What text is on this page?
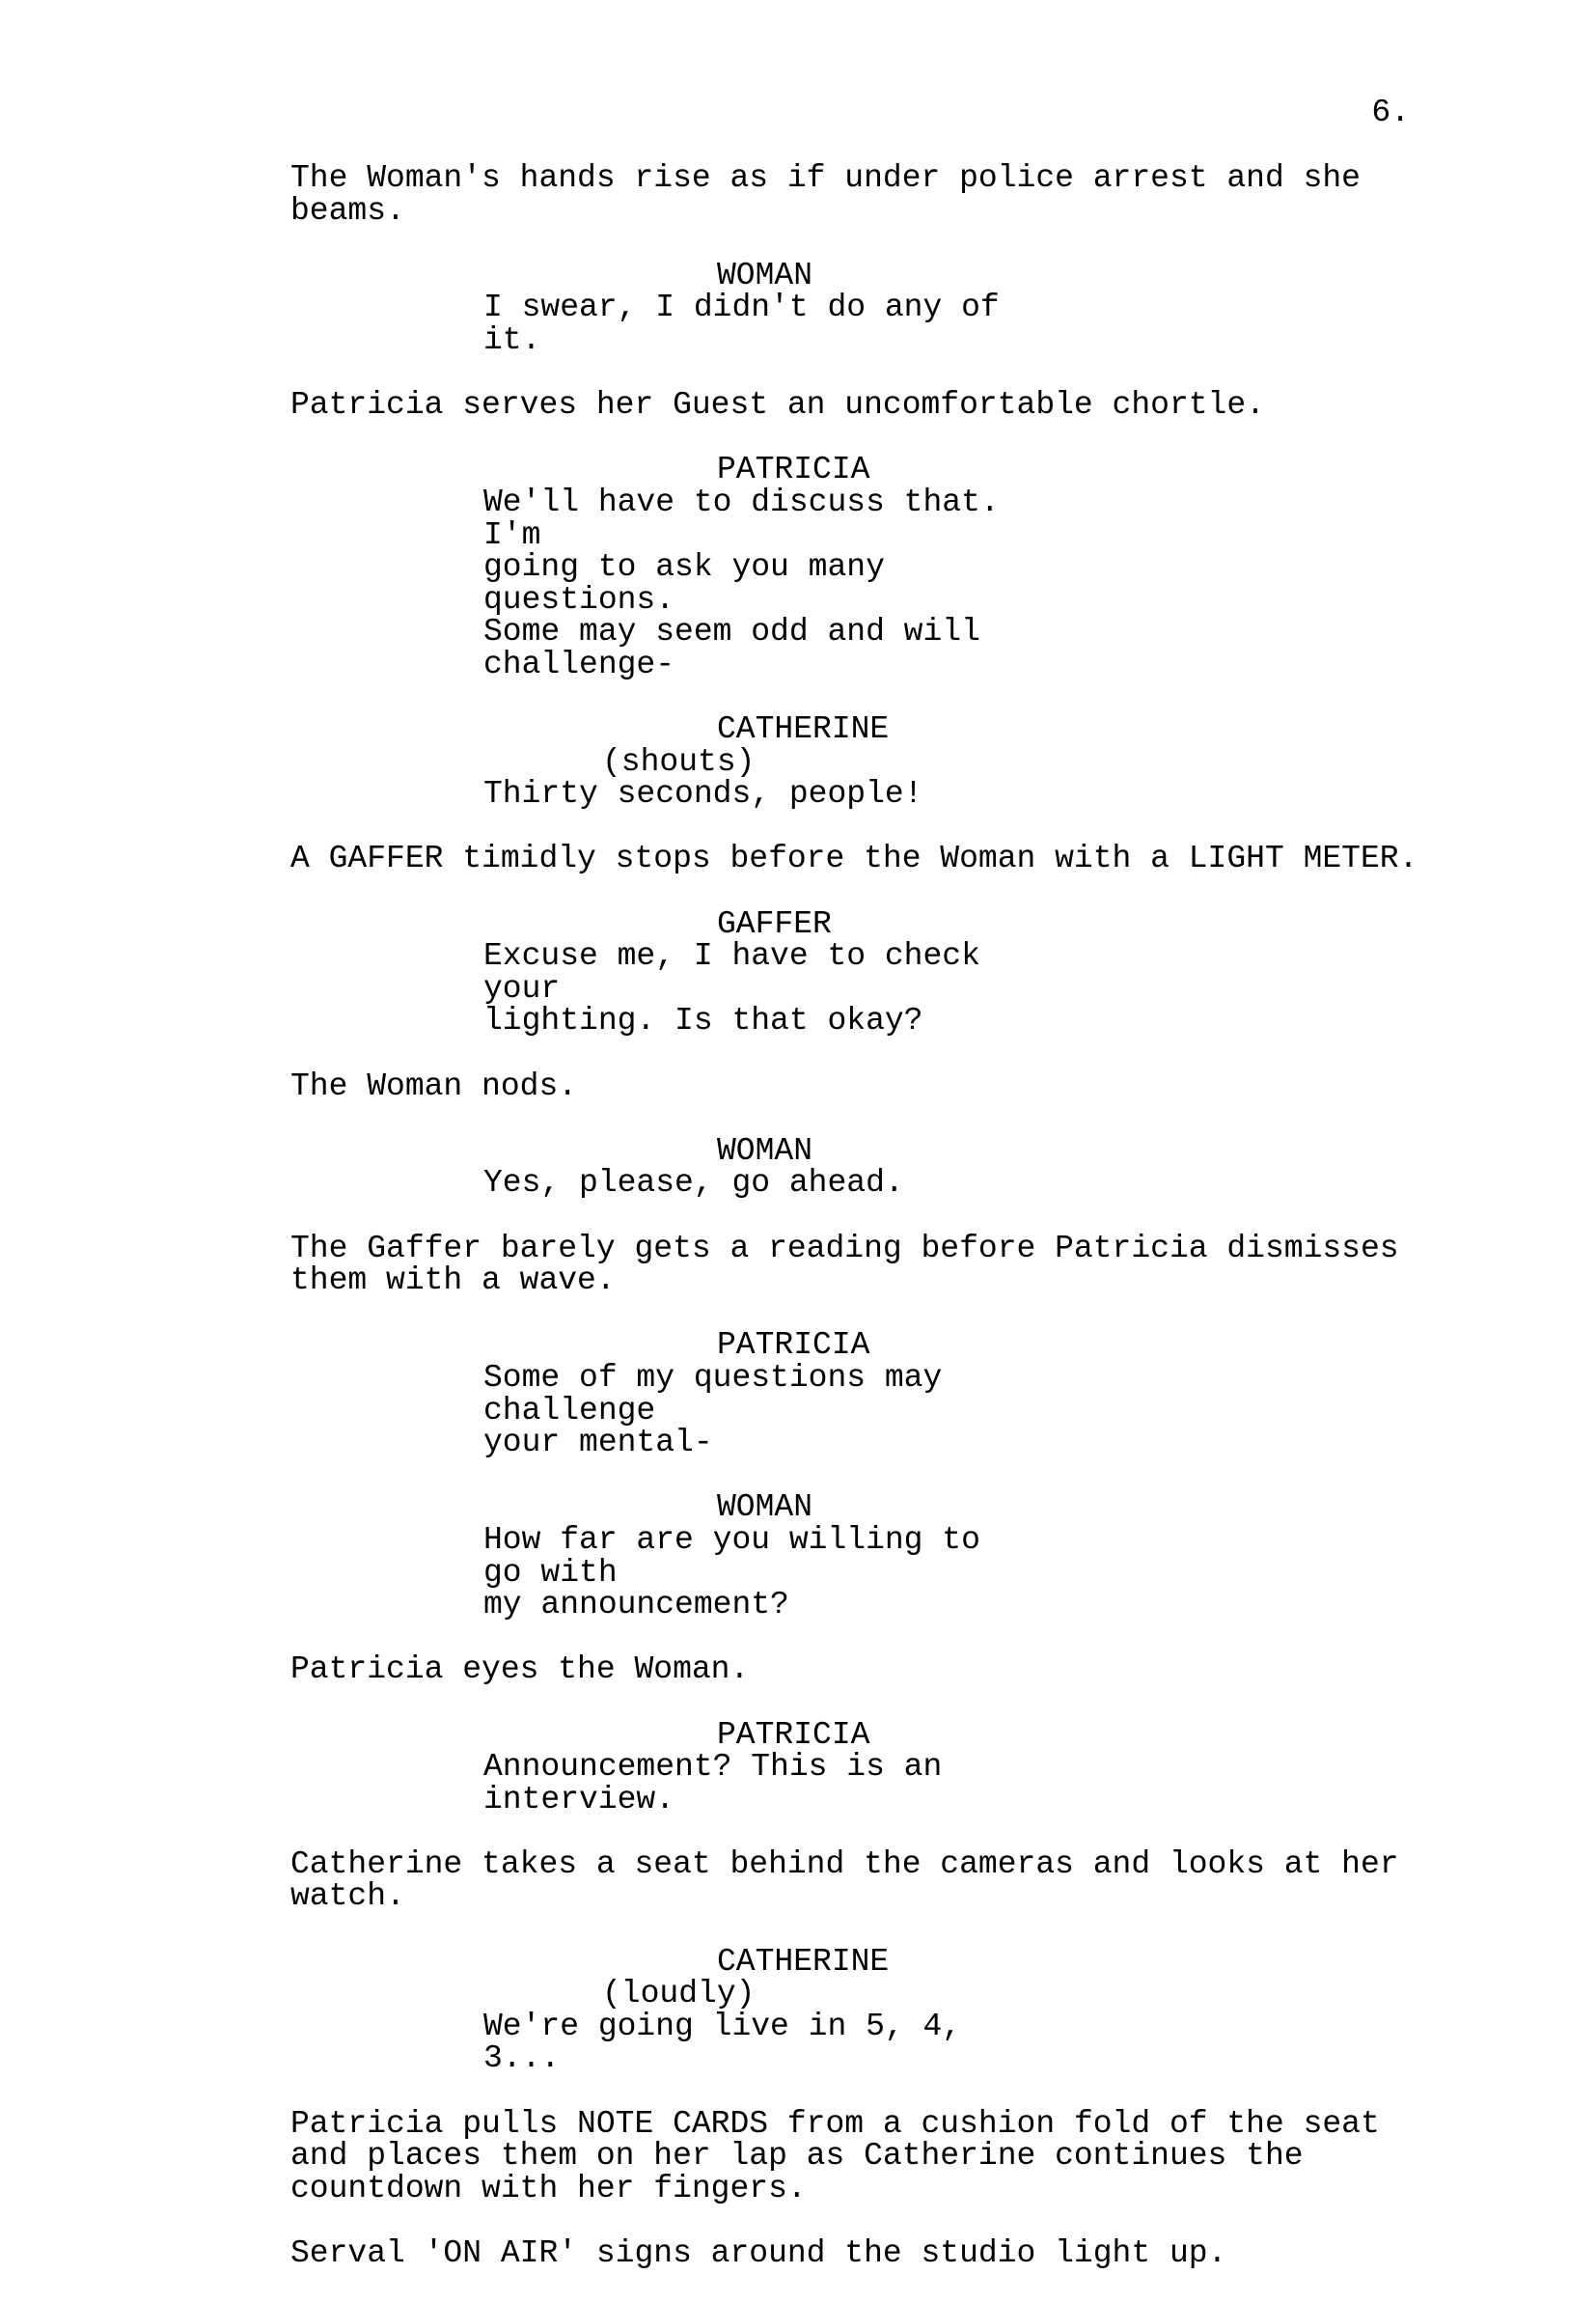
6.
The Woman's hands rise as if under police arrest and she
beams.
WOMAN
I swear, I didn't do any of it.
Patricia serves her Guest an uncomfortable chortle.
PATRICIA
We'll have to discuss that. I'm
going to ask you many questions.
Some may seem odd and will
challenge-
CATHERINE
(shouts)
Thirty seconds, people!
A GAFFER timidly stops before the Woman with a LIGHT METER.
GAFFER
Excuse me, I have to check your
lighting. Is that okay?
The Woman nods.
WOMAN
Yes, please, go ahead.
The Gaffer barely gets a reading before Patricia dismisses
them with a wave.
PATRICIA
Some of my questions may challenge
your mental-
WOMAN
How far are you willing to go with
my announcement?
Patricia eyes the Woman.
PATRICIA
Announcement? This is an interview.
Catherine takes a seat behind the cameras and looks at her
watch.
CATHERINE
(loudly)
We're going live in 5, 4, 3...
Patricia pulls NOTE CARDS from a cushion fold of the seat
and places them on her lap as Catherine continues the
countdown with her fingers.
Serval 'ON AIR' signs around the studio light up.
